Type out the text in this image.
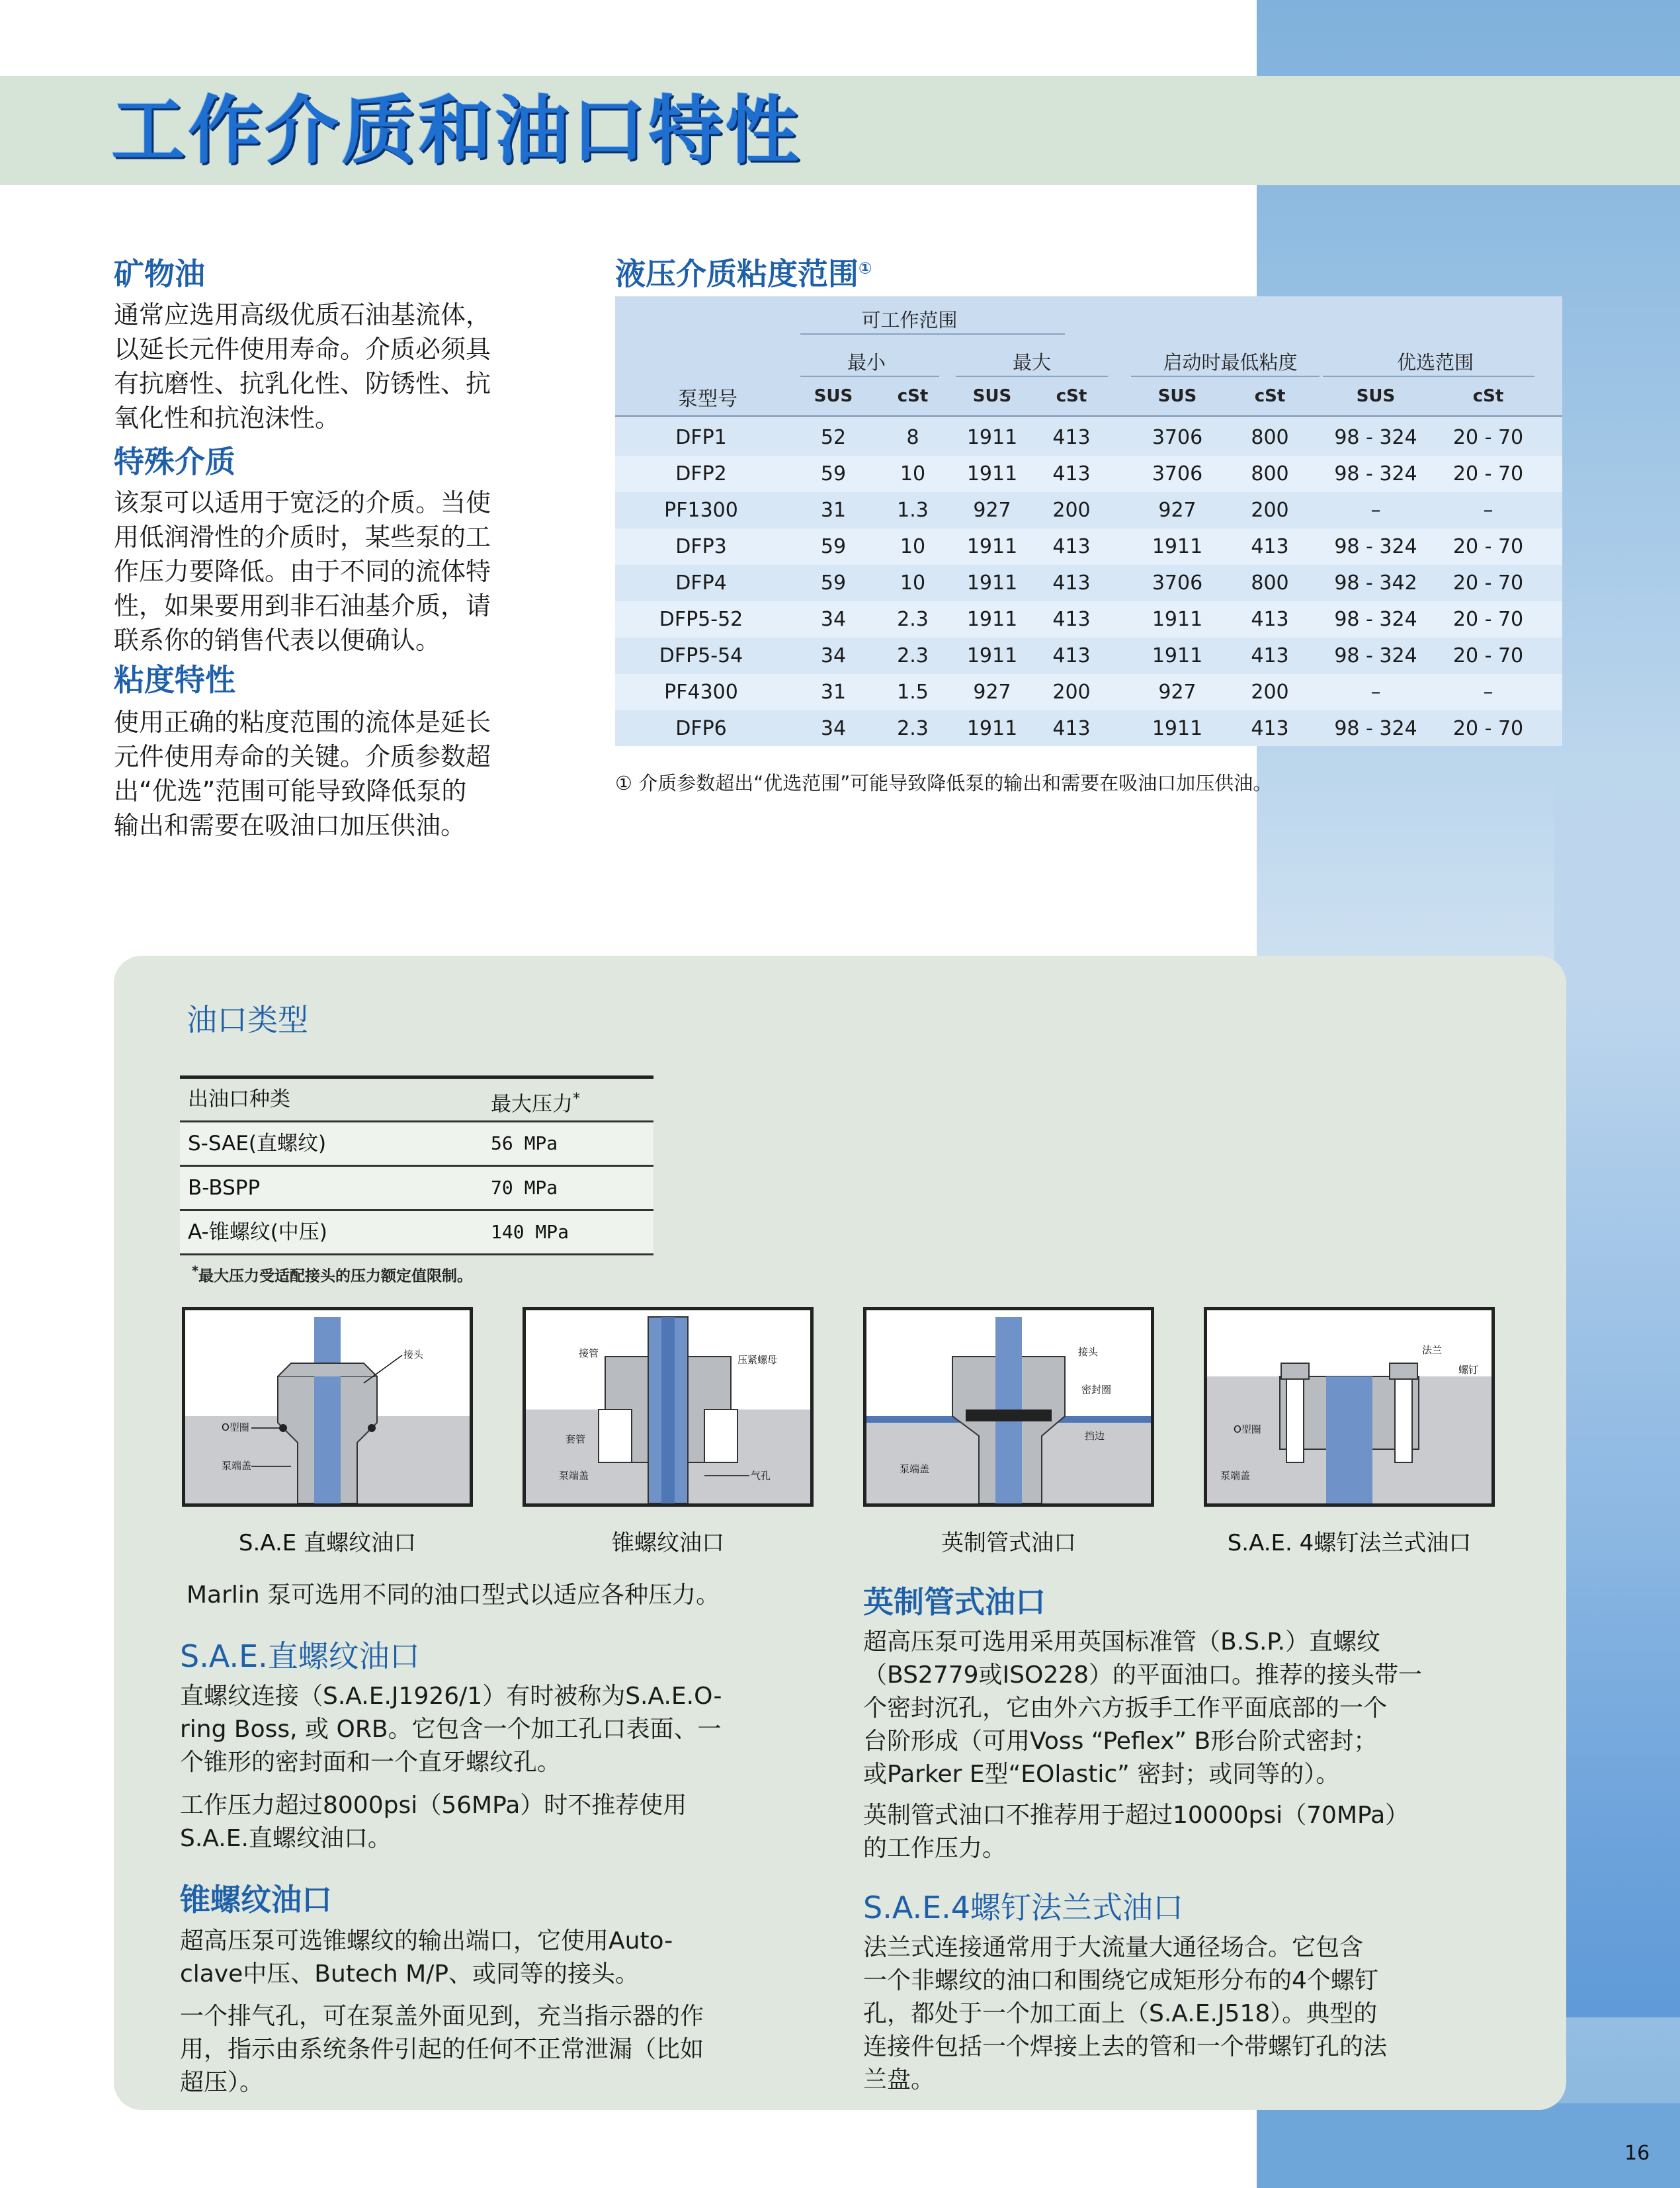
工作介质和油口特性
矿物油
通常应选用高级优质石油基流体，
以延长元件使用寿命。介质必须具
有抗磨性、抗乳化性、防锈性、抗
氧化性和抗泡沫性。
特殊介质
该泵可以适用于宽泛的介质。当使
用低润滑性的介质时，某些泵的工
作压力要降低。由于不同的流体特
性，如果要用到非石油基介质，请
联系你的销售代表以便确认。
粘度特性
使用正确的粘度范围的流体是延长
元件使用寿命的关键。介质参数超
出“优选”范围可能导致降低泵的
输出和需要在吸油口加压供油。
液压介质粘度范围①
可工作范围
最小	最大	启动时最低粘度	优选范围
泵型号	SUS	cSt	SUS	cSt	SUS	cSt	SUS	cSt
DFP1	52	8	1911	413	3706	800	98 - 324	20 - 70
DFP2	59	10	1911	413	3706	800	98 - 324	20 - 70
PF1300	31	1.3	927	200	927	200	–	–
DFP3	59	10	1911	413	1911	413	98 - 324	20 - 70
DFP4	59	10	1911	413	3706	800	98 - 342	20 - 70
DFP5-52	34	2.3	1911	413	1911	413	98 - 324	20 - 70
DFP5-54	34	2.3	1911	413	1911	413	98 - 324	20 - 70
PF4300	31	1.5	927	200	927	200	–	–
DFP6	34	2.3	1911	413	1911	413	98 - 324	20 - 70
① 介质参数超出“优选范围”可能导致降低泵的输出和需要在吸油口加压供油。
油口类型
出油口种类	最大压力*
S-SAE(直螺纹)	56 MPa
B-BSPP	70 MPa
A-锥螺纹(中压)	140 MPa
*最大压力受适配接头的压力额定值限制。
接头
O型圈
泵端盖
S.A.E 直螺纹油口
接管
压紧螺母
套管
泵端盖	气孔
锥螺纹油口
接头
密封圈
挡边
泵端盖
英制管式油口
法兰
螺钉
O型圈
泵端盖
S.A.E. 4螺钉法兰式油口
Marlin 泵可选用不同的油口型式以适应各种压力。
S.A.E.直螺纹油口
直螺纹连接（S.A.E.J1926/1）有时被称为S.A.E.O-
ring Boss, 或 ORB。它包含一个加工孔口表面、一
个锥形的密封面和一个直牙螺纹孔。
工作压力超过8000psi（56MPa）时不推荐使用
S.A.E.直螺纹油口。
锥螺纹油口
超高压泵可选锥螺纹的输出端口，它使用Auto-
clave中压、Butech M/P、或同等的接头。
一个排气孔，可在泵盖外面见到，充当指示器的作
用，指示由系统条件引起的任何不正常泄漏（比如
超压）。
英制管式油口
超高压泵可选用采用英国标准管（B.S.P.）直螺纹
（BS2779或ISO228）的平面油口。推荐的接头带一
个密封沉孔，它由外六方扳手工作平面底部的一个
台阶形成（可用Voss “Peflex” B形台阶式密封；
或Parker E型“EOlastic” 密封；或同等的）。
英制管式油口不推荐用于超过10000psi（70MPa）
的工作压力。
S.A.E.4螺钉法兰式油口
法兰式连接通常用于大流量大通径场合。它包含
一个非螺纹的油口和围绕它成矩形分布的4个螺钉
孔，都处于一个加工面上（S.A.E.J518）。典型的
连接件包括一个焊接上去的管和一个带螺钉孔的法
兰盘。
16
